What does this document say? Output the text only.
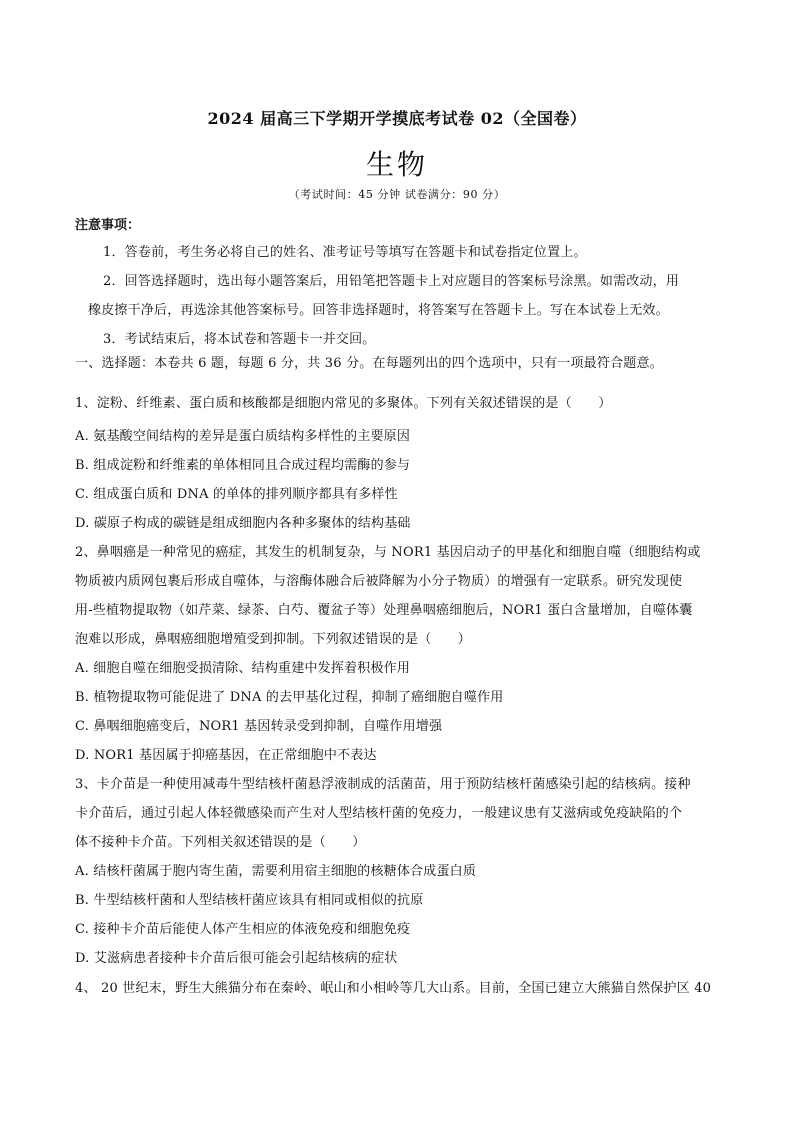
2024 届高三下学期开学摸底考试卷 02（全国卷）
生物
（考试时间：45 分钟 试卷满分：90 分）
注意事项：
1．答卷前，考生务必将自己的姓名、准考证号等填写在答题卡和试卷指定位置上。
2．回答选择题时，选出每小题答案后，用铅笔把答题卡上对应题目的答案标号涂黑。如需改动，用
橡皮擦干净后，再选涂其他答案标号。回答非选择题时，将答案写在答题卡上。写在本试卷上无效。
3．考试结束后，将本试卷和答题卡一并交回。
一、选择题：本卷共 6 题，每题 6 分，共 36 分。在每题列出的四个选项中，只有一项最符合题意。
1、淀粉、纤维素、蛋白质和核酸都是细胞内常见的多聚体。下列有关叙述错误的是（　　）
A. 氨基酸空间结构的差异是蛋白质结构多样性的主要原因
B. 组成淀粉和纤维素的单体相同且合成过程均需酶的参与
C. 组成蛋白质和 DNA 的单体的排列顺序都具有多样性
D. 碳原子构成的碳链是组成细胞内各种多聚体的结构基础
2、鼻咽癌是一种常见的癌症，其发生的机制复杂，与 NOR1 基因启动子的甲基化和细胞自噬（细胞结构或
物质被内质网包裹后形成自噬体，与溶酶体融合后被降解为小分子物质）的增强有一定联系。研究发现使
用-些植物提取物（如芹菜、绿茶、白芍、覆盆子等）处理鼻咽癌细胞后，NOR1 蛋白含量增加，自噬体囊
泡难以形成，鼻咽癌细胞增殖受到抑制。下列叙述错误的是（　　）
A. 细胞自噬在细胞受损清除、结构重建中发挥着积极作用
B. 植物提取物可能促进了 DNA 的去甲基化过程，抑制了癌细胞自噬作用
C. 鼻咽细胞癌变后，NOR1 基因转录受到抑制，自噬作用增强
D. NOR1 基因属于抑癌基因，在正常细胞中不表达
3、卡介苗是一种使用减毒牛型结核杆菌悬浮液制成的活菌苗，用于预防结核杆菌感染引起的结核病。接种
卡介苗后，通过引起人体轻微感染而产生对人型结核杆菌的免疫力，一般建议患有艾滋病或免疫缺陷的个
体不接种卡介苗。下列相关叙述错误的是（　　）
A. 结核杆菌属于胞内寄生菌，需要利用宿主细胞的核糖体合成蛋白质
B. 牛型结核杆菌和人型结核杆菌应该具有相同或相似的抗原
C. 接种卡介苗后能使人体产生相应的体液免疫和细胞免疫
D. 艾滋病患者接种卡介苗后很可能会引起结核病的症状
4、 20 世纪末，野生大熊猫分布在秦岭、岷山和小相岭等几大山系。目前，全国已建立大熊猫自然保护区 40
